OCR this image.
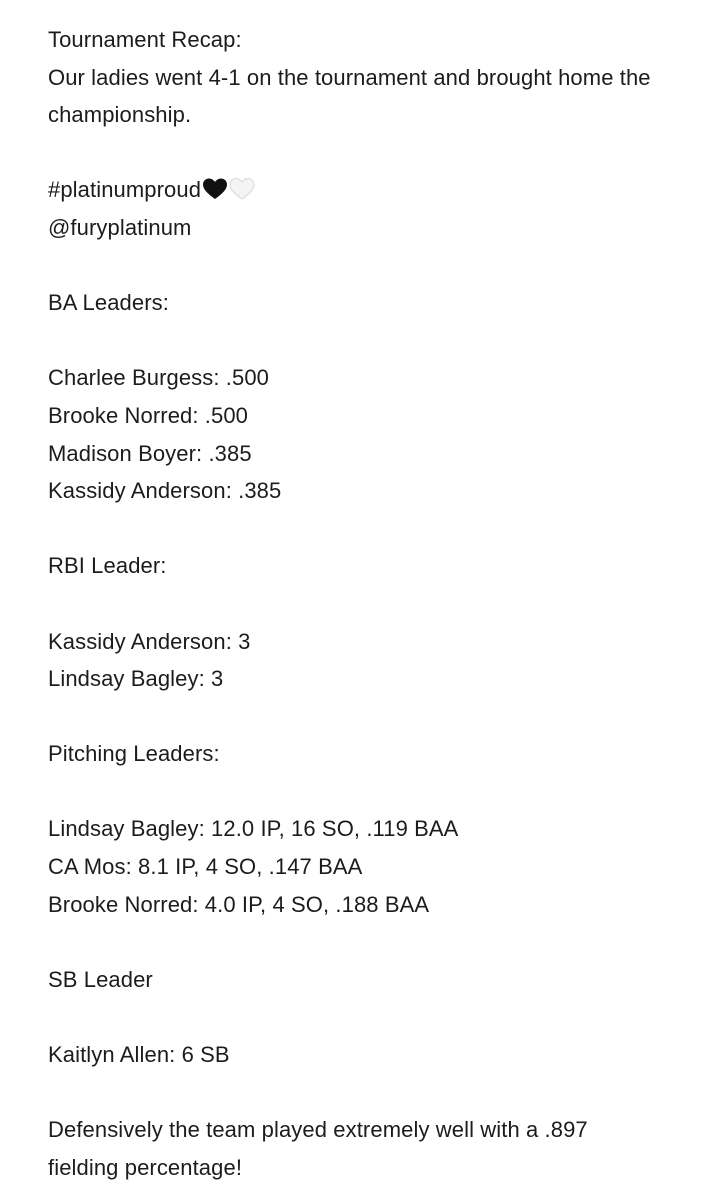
Tournament Recap:
Our ladies went 4-1 on the tournament and brought home the championship.
#platinumproud
@furyplatinum
BA Leaders:
Charlee Burgess: .500
Brooke Norred: .500
Madison Boyer: .385
Kassidy Anderson: .385
RBI Leader:
Kassidy Anderson: 3
Lindsay Bagley: 3
Pitching Leaders:
Lindsay Bagley: 12.0 IP, 16 SO, .119 BAA
CA Mos: 8.1 IP, 4 SO, .147 BAA
Brooke Norred: 4.0 IP, 4 SO, .188 BAA
SB Leader
Kaitlyn Allen: 6 SB
Defensively the team played extremely well with a .897 fielding percentage!
